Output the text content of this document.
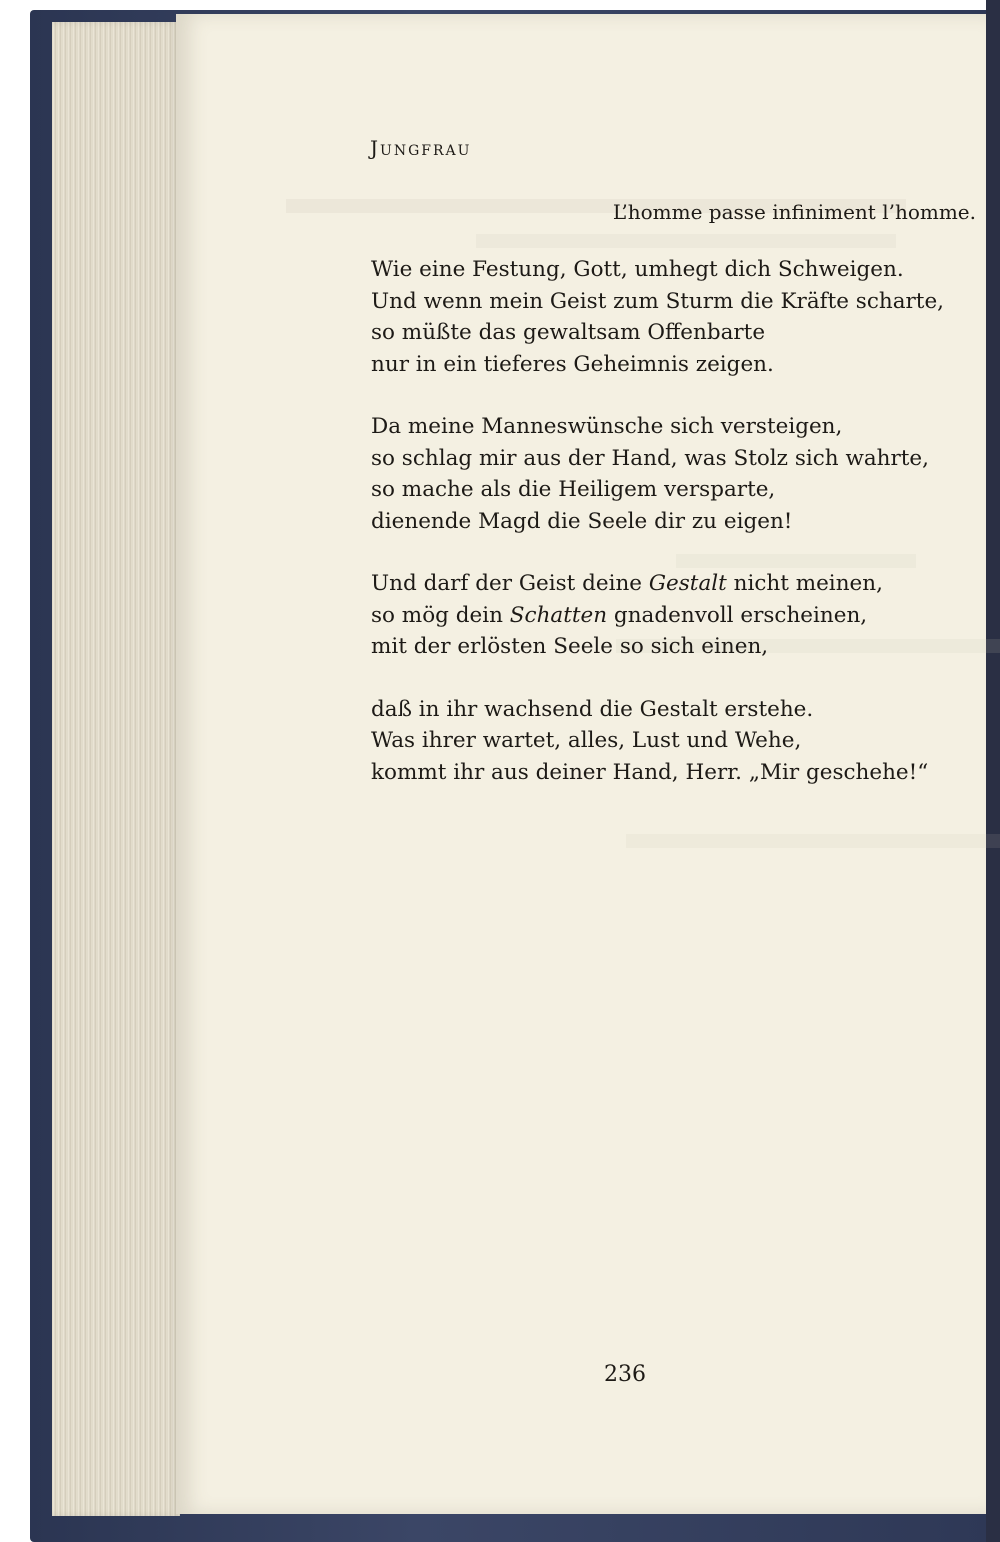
Jungfrau
L’homme passe infiniment l’homme.
Wie eine Festung, Gott, umhegt dich Schweigen.
Und wenn mein Geist zum Sturm die Kräfte scharte,
so müßte das gewaltsam Offenbarte
nur in ein tieferes Geheimnis zeigen.
Da meine Manneswünsche sich versteigen,
so schlag mir aus der Hand, was Stolz sich wahrte,
so mache als die Heiligem versparte,
dienende Magd die Seele dir zu eigen!
Und darf der Geist deine Gestalt nicht meinen,
so mög dein Schatten gnadenvoll erscheinen,
mit der erlösten Seele so sich einen,
daß in ihr wachsend die Gestalt erstehe.
Was ihrer wartet, alles, Lust und Wehe,
kommt ihr aus deiner Hand, Herr. „Mir geschehe!“
236
